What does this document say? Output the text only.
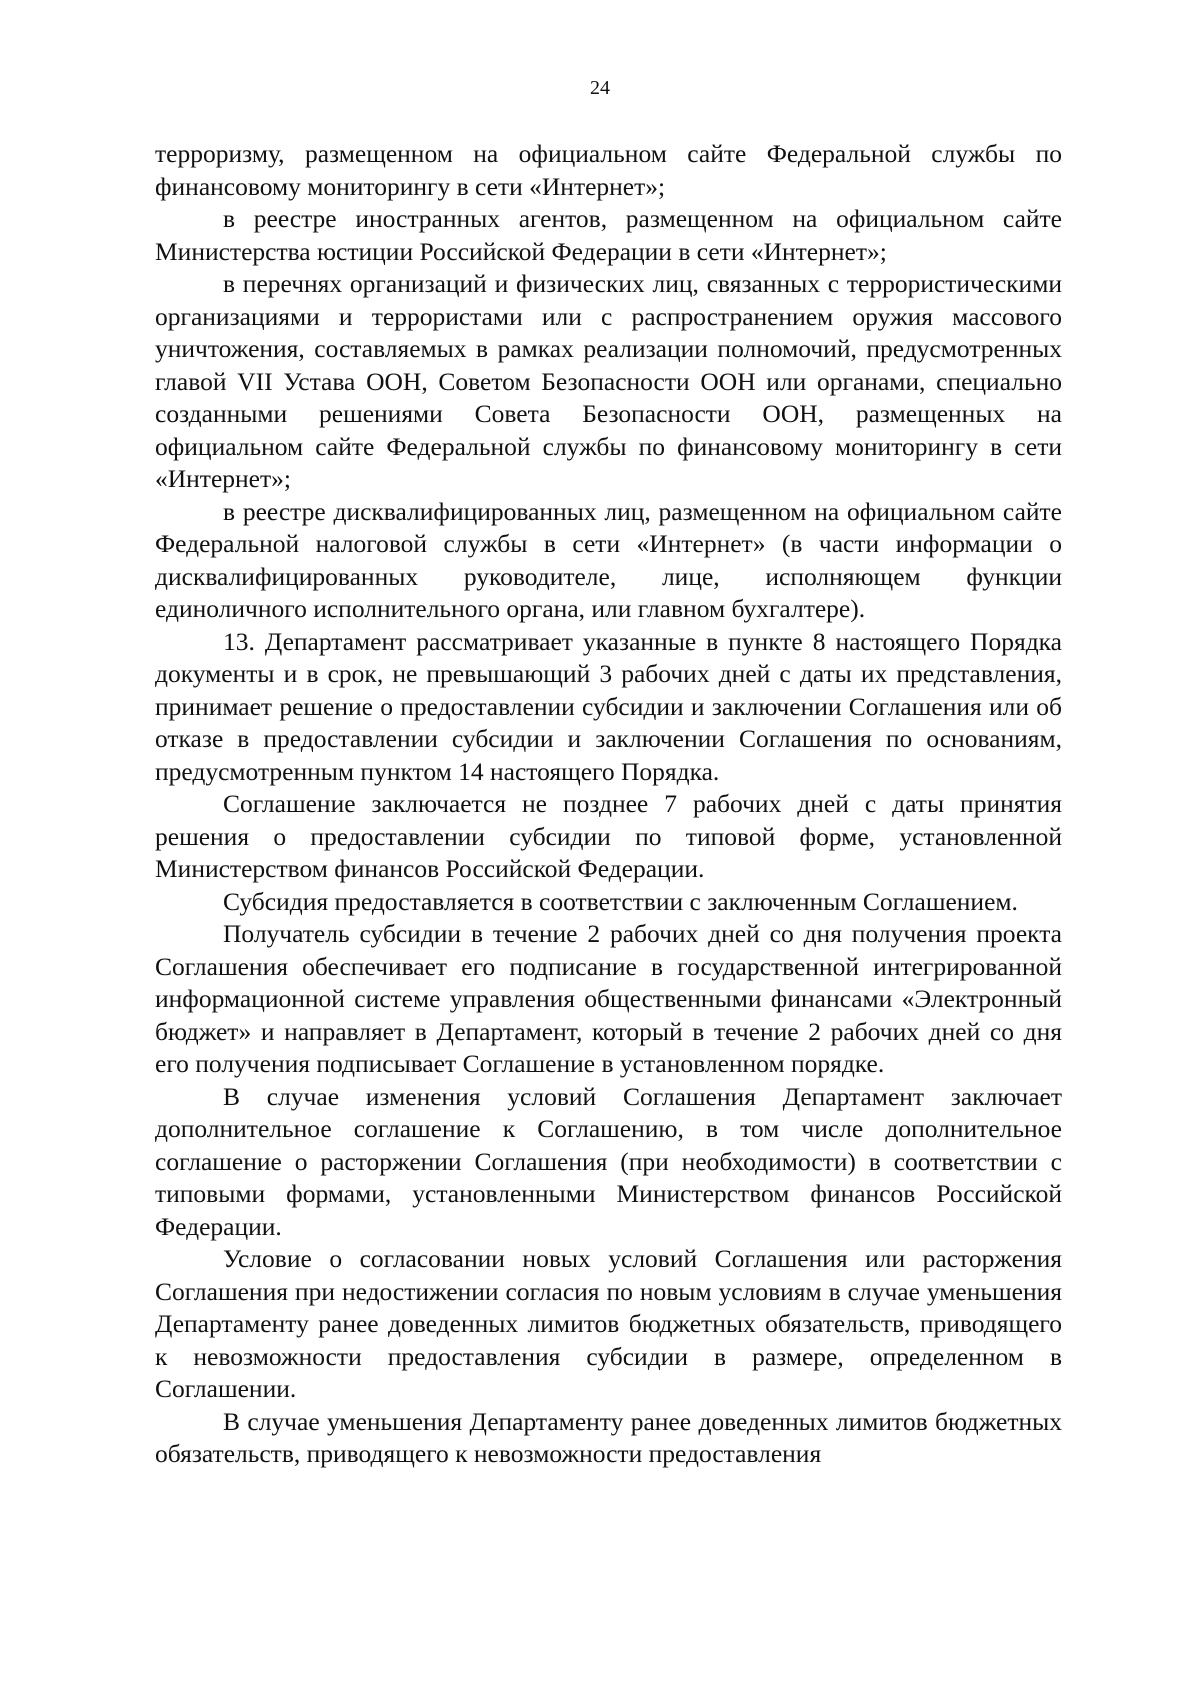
24

терроризму, размещенном на официальном сайте Федеральной службы по финансовому мониторингу в сети «Интернет»;

в реестре иностранных агентов, размещенном на официальном сайте Министерства юстиции Российской Федерации в сети «Интернет»;

в перечнях организаций и физических лиц, связанных с террористическими организациями и террористами или с распространением оружия массового уничтожения, составляемых в рамках реализации полномочий, предусмотренных главой VII Устава ООН, Советом Безопасности ООН или органами, специально созданными решениями Совета Безопасности ООН, размещенных на официальном сайте Федеральной службы по финансовому мониторингу в сети «Интернет»;

в реестре дисквалифицированных лиц, размещенном на официальном сайте Федеральной налоговой службы в сети «Интернет» (в части информации о дисквалифицированных руководителе, лице, исполняющем функции единоличного исполнительного органа, или главном бухгалтере).

13. Департамент рассматривает указанные в пункте 8 настоящего Порядка документы и в срок, не превышающий 3 рабочих дней с даты их представления, принимает решение о предоставлении субсидии и заключении Соглашения или об отказе в предоставлении субсидии и заключении Соглашения по основаниям, предусмотренным пунктом 14 настоящего Порядка.

Соглашение заключается не позднее 7 рабочих дней с даты принятия решения о предоставлении субсидии по типовой форме, установленной Министерством финансов Российской Федерации.

Субсидия предоставляется в соответствии с заключенным Соглашением.

Получатель субсидии в течение 2 рабочих дней со дня получения проекта Соглашения обеспечивает его подписание в государственной интегрированной информационной системе управления общественными финансами «Электронный бюджет» и направляет в Департамент, который в течение 2 рабочих дней со дня его получения подписывает Соглашение в установленном порядке.

В случае изменения условий Соглашения Департамент заключает дополнительное соглашение к Соглашению, в том числе дополнительное соглашение о расторжении Соглашения (при необходимости) в соответствии с типовыми формами, установленными Министерством финансов Российской Федерации.

Условие о согласовании новых условий Соглашения или расторжения Соглашения при недостижении согласия по новым условиям в случае уменьшения Департаменту ранее доведенных лимитов бюджетных обязательств, приводящего к невозможности предоставления субсидии в размере, определенном в Соглашении.

В случае уменьшения Департаменту ранее доведенных лимитов бюджетных обязательств, приводящего к невозможности предоставления
